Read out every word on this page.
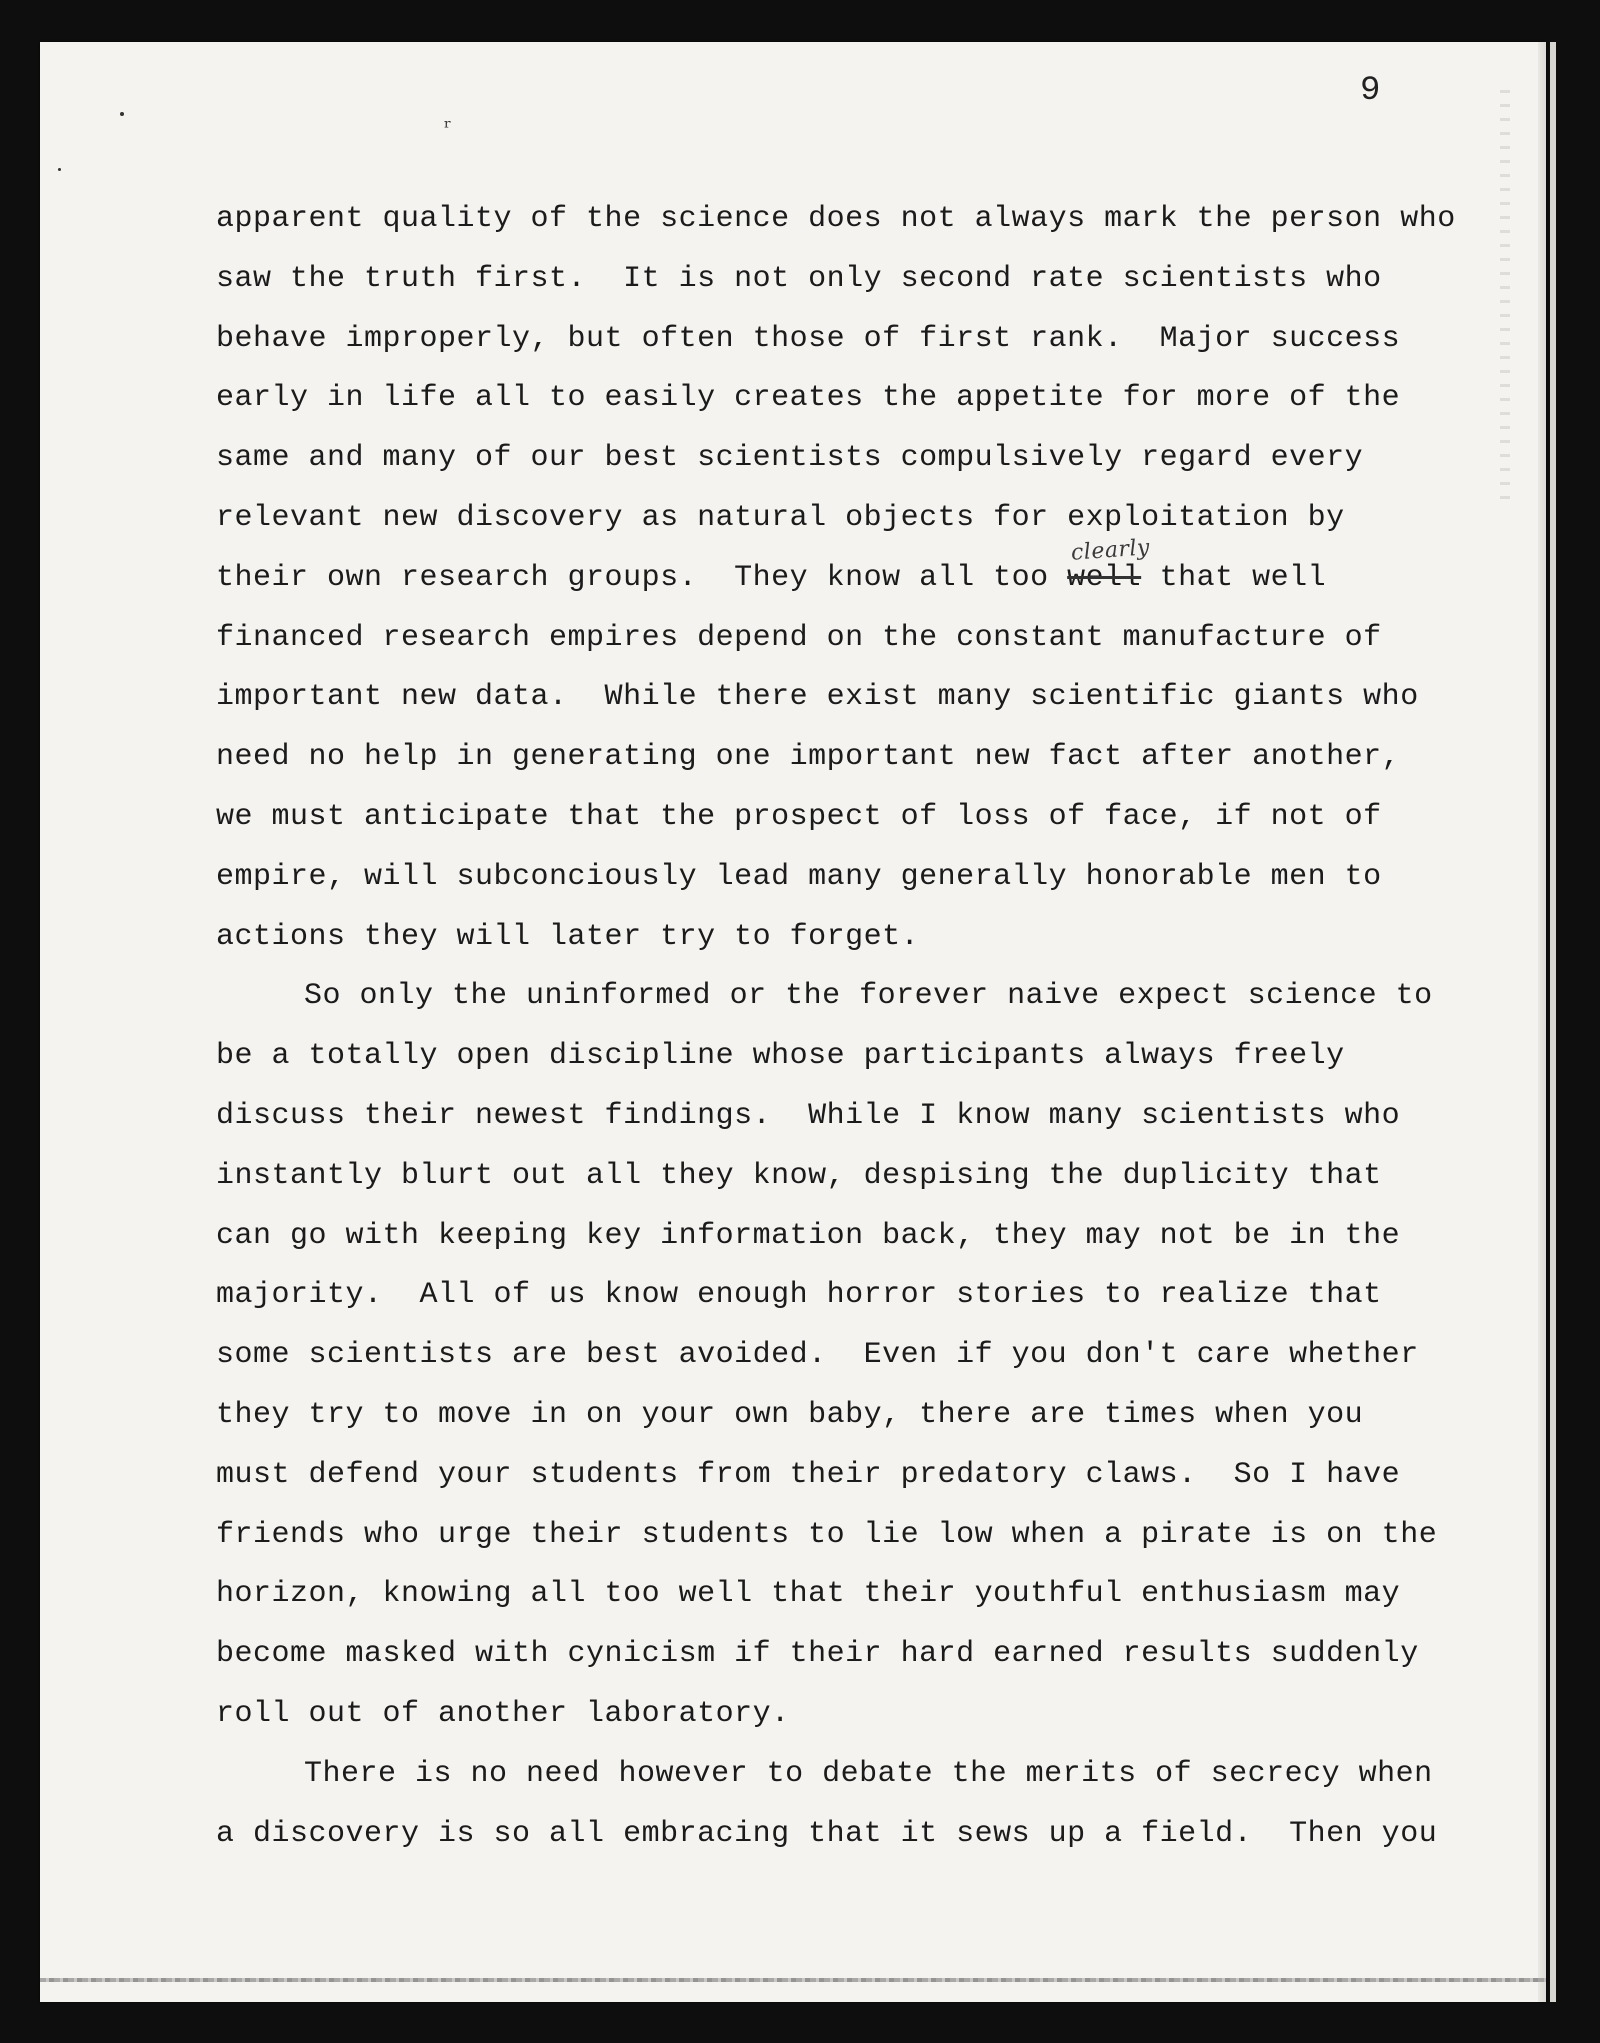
9
ʳ
apparent quality of the science does not always mark the person who
saw the truth first.  It is not only second rate scientists who
behave improperly, but often those of first rank.  Major success
early in life all to easily creates the appetite for more of the
same and many of our best scientists compulsively regard every
relevant new discovery as natural objects for exploitation by
their own research groups.  They know all too
clearly
well that well
financed research empires depend on the constant manufacture of
important new data.  While there exist many scientific giants who
need no help in generating one important new fact after another,
we must anticipate that the prospect of loss of face, if not of
empire, will subconciously lead many generally honorable men to
actions they will later try to forget.
So only the uninformed or the forever naive expect science to
be a totally open discipline whose participants always freely
discuss their newest findings.  While I know many scientists who
instantly blurt out all they know, despising the duplicity that
can go with keeping key information back, they may not be in the
majority.  All of us know enough horror stories to realize that
some scientists are best avoided.  Even if you don't care whether
they try to move in on your own baby, there are times when you
must defend your students from their predatory claws.  So I have
friends who urge their students to lie low when a pirate is on the
horizon, knowing all too well that their youthful enthusiasm may
become masked with cynicism if their hard earned results suddenly
roll out of another laboratory.
There is no need however to debate the merits of secrecy when
a discovery is so all embracing that it sews up a field.  Then you
